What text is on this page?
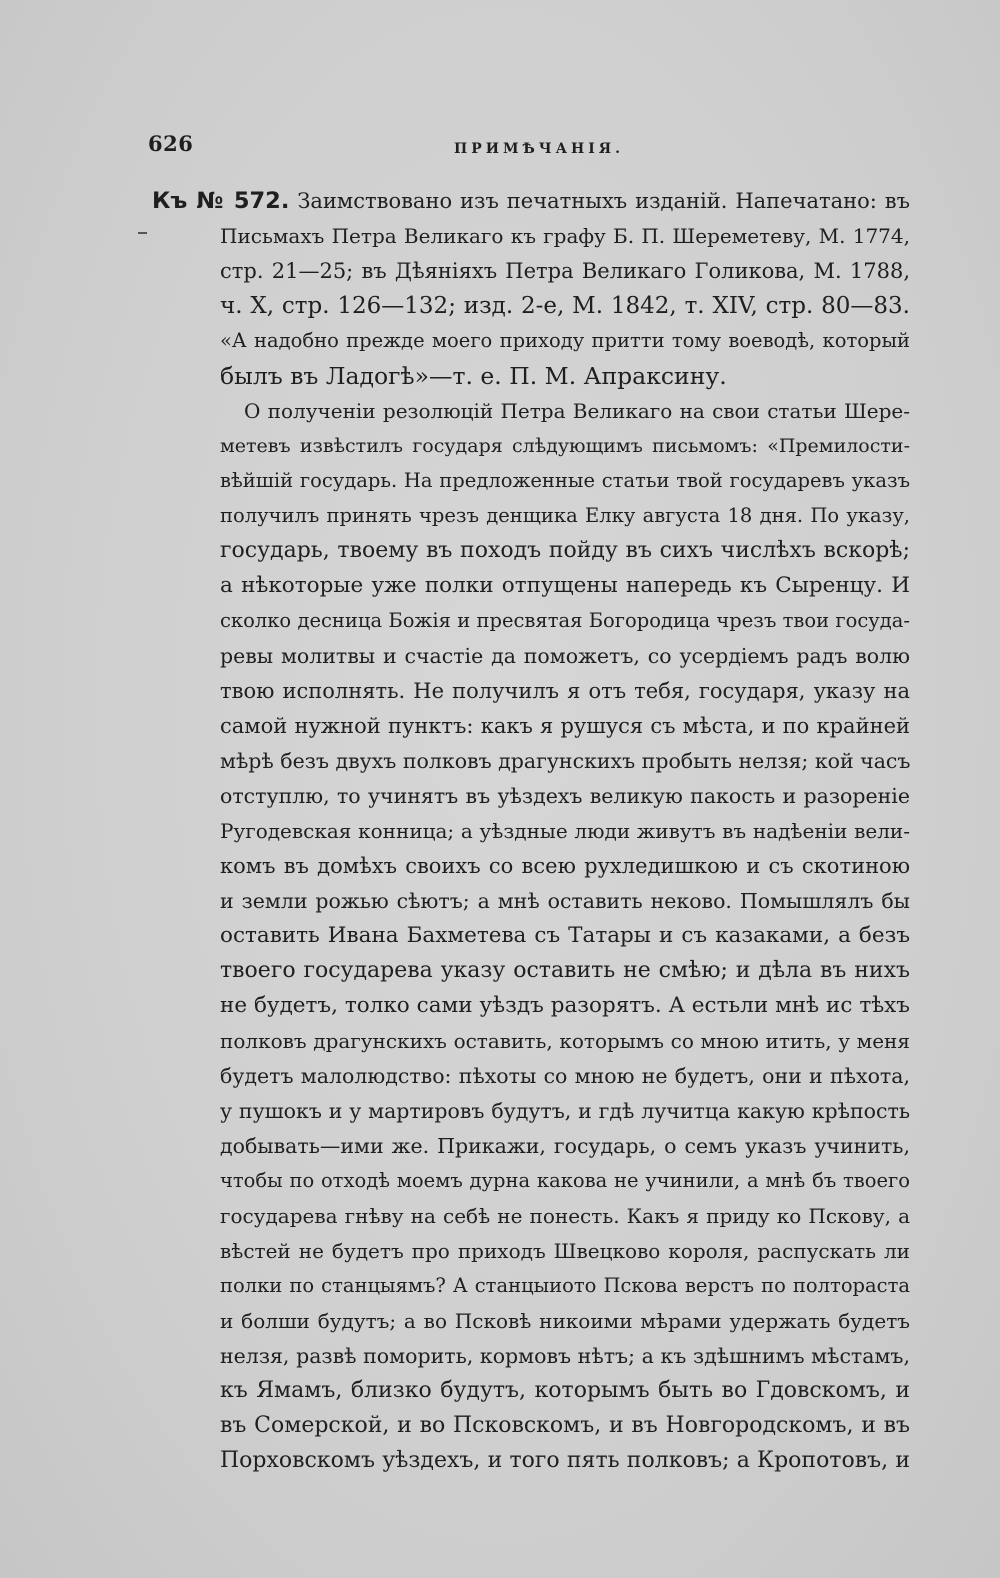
626	ПРИМѢЧАНІЯ.
Къ № 572. Заимствовано изъ печатныхъ изданій. Напечатано: въ
Письмахъ Петра Великаго къ графу Б. П. Шереметеву, М. 1774,
стр. 21—25; въ Дѣяніяхъ Петра Великаго Голикова, М. 1788,
ч. X, стр. 126—132; изд. 2-е, М. 1842, т. XIV, стр. 80—83.
«А надобно прежде моего приходу притти тому воеводѣ, который
былъ въ Ладогѣ»—т. е. П. М. Апраксину.
О полученіи резолюцій Петра Великаго на свои статьи Шере-
метевъ извѣстилъ государя слѣдующимъ письмомъ: «Премилости-
вѣйшій государь. На предложенные статьи твой государевъ указъ
получилъ принять чрезъ денщика Елку августа 18 дня. По указу,
государь, твоему въ походъ пойду въ сихъ числѣхъ вскорѣ;
а нѣкоторые уже полки отпущены напередь къ Сыренцу. И
сколко десница Божія и пресвятая Богородица чрезъ твои госуда-
ревы молитвы и счастіе да поможетъ, со усердіемъ радъ волю
твою исполнять. Не получилъ я отъ тебя, государя, указу на
самой нужной пунктъ: какъ я рушуся съ мѣста, и по крайней
мѣрѣ безъ двухъ полковъ драгунскихъ пробыть нелзя; кой часъ
отступлю, то учинятъ въ уѣздехъ великую пакость и разореніе
Ругодевская конница; а уѣздные люди живутъ въ надѣеніи вели-
комъ въ домѣхъ своихъ со всею рухледишкою и съ скотиною
и земли рожью сѣютъ; а мнѣ оставить неково. Помышлялъ бы
оставить Ивана Бахметева съ Татары и съ казаками, а безъ
твоего государева указу оставить не смѣю; и дѣла въ нихъ
не будетъ, толко сами уѣздъ разорятъ. А естьли мнѣ ис тѣхъ
полковъ драгунскихъ оставить, которымъ со мною итить, у меня
будетъ малолюдство: пѣхоты со мною не будетъ, они и пѣхота,
у пушокъ и у мартировъ будутъ, и гдѣ лучитца какую крѣпость
добывать—ими же. Прикажи, государь, о семъ указъ учинить,
чтобы по отходѣ моемъ дурна какова не учинили, а мнѣ бъ твоего
государева гнѣву на себѣ не понесть. Какъ я приду ко Пскову, а
вѣстей не будетъ про приходъ Швецково короля, распускать ли
полки по станцыямъ? А станцыиото Пскова верстъ по полтораста
и болши будутъ; а во Псковѣ никоими мѣрами удержать будетъ
нелзя, развѣ поморить, кормовъ нѣтъ; а къ здѣшнимъ мѣстамъ,
къ Ямамъ, близко будутъ, которымъ быть во Гдовскомъ, и
въ Сомерской, и во Псковскомъ, и въ Новгородскомъ, и въ
Порховскомъ уѣздехъ, и того пять полковъ; а Кропотовъ, и
